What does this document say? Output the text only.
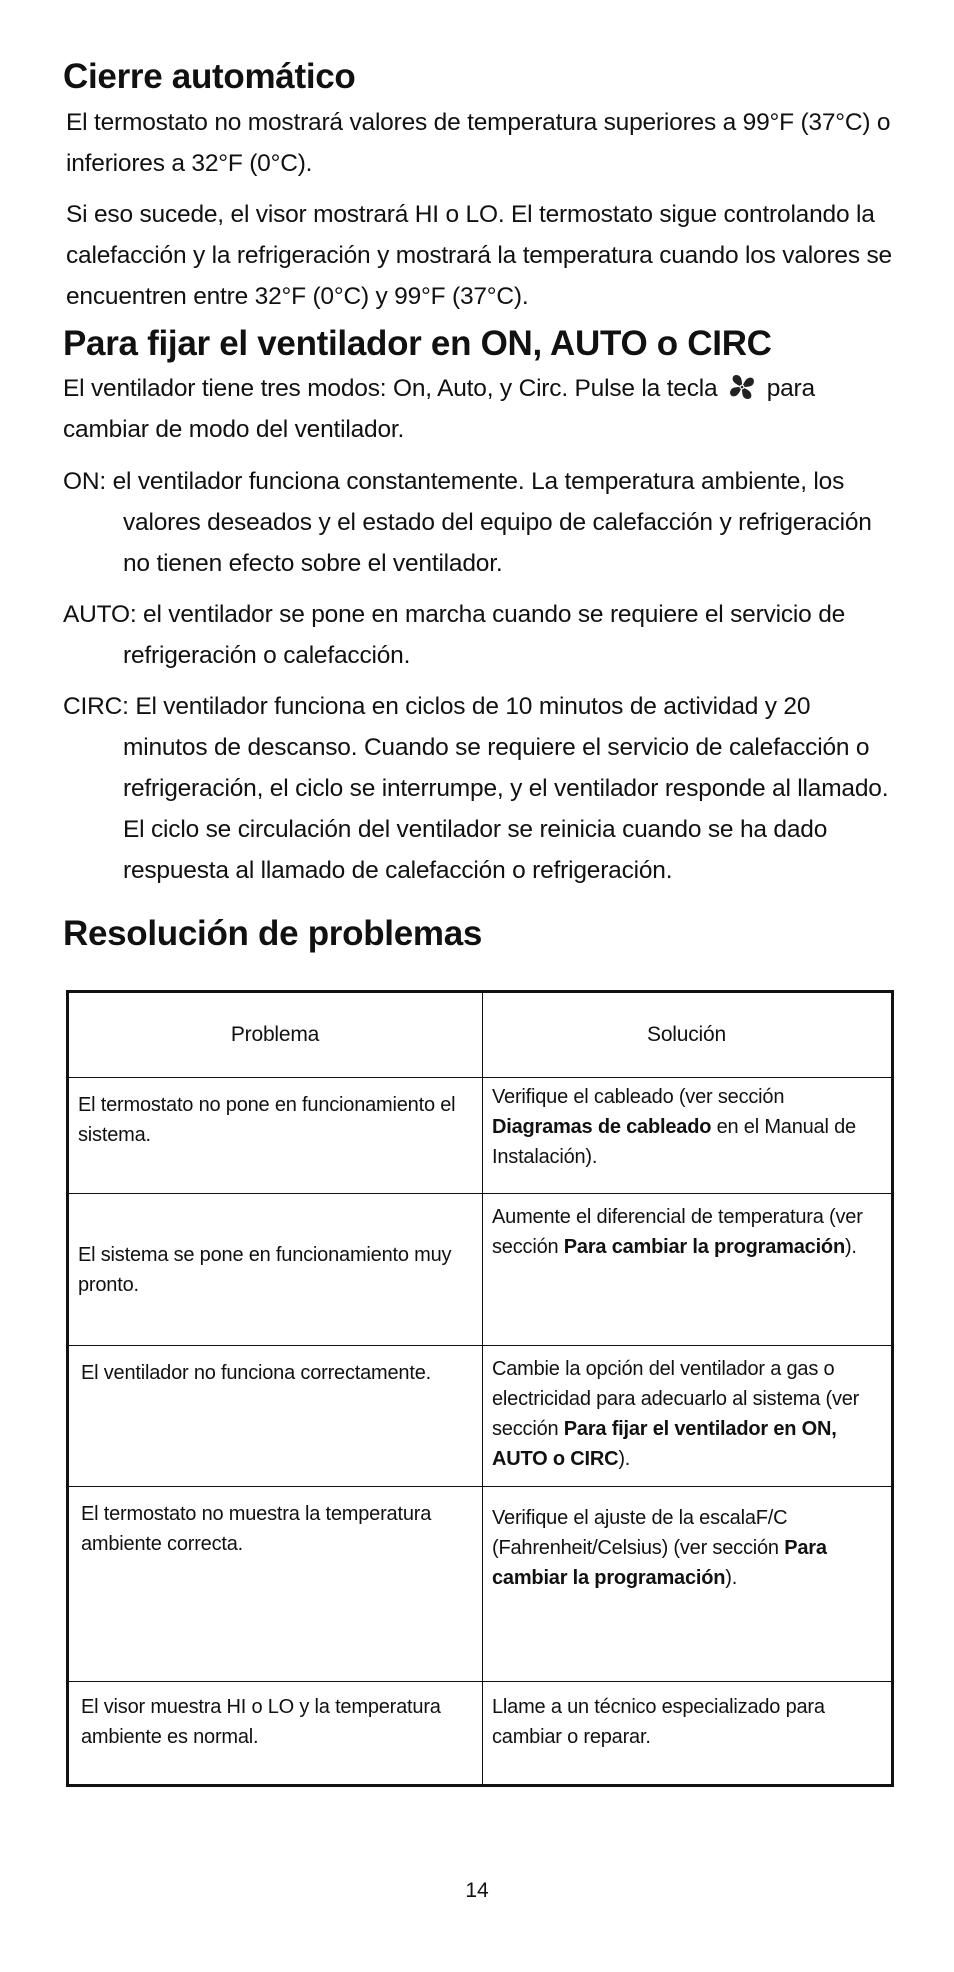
Cierre automático

El termostato no mostrará valores de temperatura superiores a 99°F (37°C) o inferiores a 32°F (0°C).

Si eso sucede, el visor mostrará HI o LO. El termostato sigue controlando la calefacción y la refrigeración y mostrará la temperatura cuando los valores se encuentren entre 32°F (0°C) y 99°F (37°C).

Para fijar el ventilador en ON, AUTO o CIRC

El ventilador tiene tres modos: On, Auto, y Circ. Pulse la tecla para cambiar de modo del ventilador.

ON: el ventilador funciona constantemente. La temperatura ambiente, los valores deseados y el estado del equipo de calefacción y refrigeración no tienen efecto sobre el ventilador.

AUTO: el ventilador se pone en marcha cuando se requiere el servicio de refrigeración o calefacción.

CIRC: El ventilador funciona en ciclos de 10 minutos de actividad y 20 minutos de descanso. Cuando se requiere el servicio de calefacción o refrigeración, el ciclo se interrumpe, y el ventilador responde al llamado. El ciclo se circulación del ventilador se reinicia cuando se ha dado respuesta al llamado de calefacción o refrigeración.

Resolución de problemas
Problema	Solución
El termostato no pone en funcionamiento el sistema.	Verifique el cableado (ver sección Diagramas de cableado en el Manual de Instalación).
El sistema se pone en funcionamiento muy pronto.	Aumente el diferencial de temperatura (ver sección Para cambiar la programación).
El ventilador no funciona correctamente.	Cambie la opción del ventilador a gas o electricidad para adecuarlo al sistema (ver sección Para fijar el ventilador en ON, AUTO o CIRC).
El termostato no muestra la temperatura ambiente correcta.	Verifique el ajuste de la escalaF/C (Fahrenheit/Celsius) (ver sección Para cambiar la programación).
El visor muestra HI o LO y la temperatura ambiente es normal.	Llame a un técnico especializado para cambiar o reparar.
14
